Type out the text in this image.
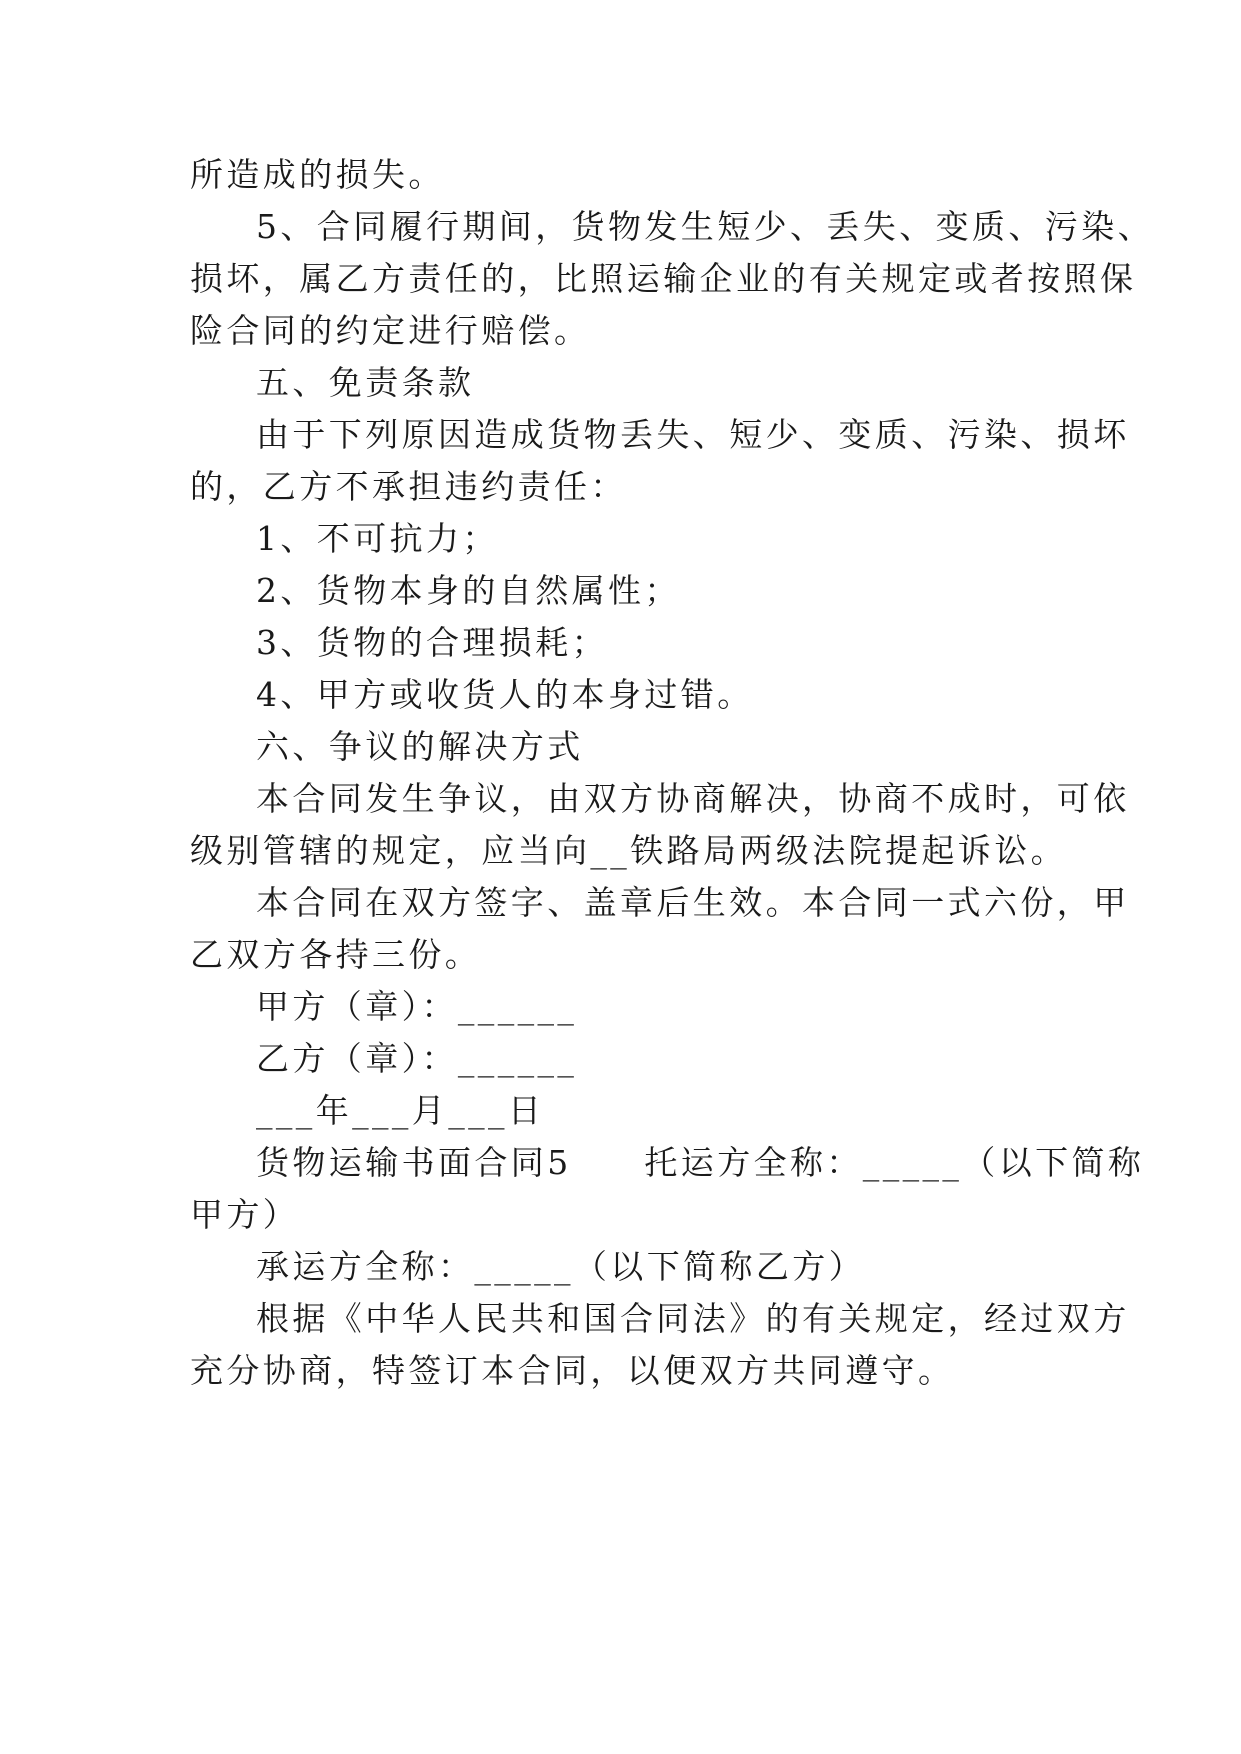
所造成的损失。
5、合同履行期间，货物发生短少、丢失、变质、污染、
损坏，属乙方责任的，比照运输企业的有关规定或者按照保
险合同的约定进行赔偿。
五、免责条款
由于下列原因造成货物丢失、短少、变质、污染、损坏
的，乙方不承担违约责任：
1、不可抗力；
2、货物本身的自然属性；
3、货物的合理损耗；
4、甲方或收货人的本身过错。
六、争议的解决方式
本合同发生争议，由双方协商解决，协商不成时，可依
级别管辖的规定，应当向__铁路局两级法院提起诉讼。
本合同在双方签字、盖章后生效。本合同一式六份，甲
乙双方各持三份。
甲方（章）：______
乙方（章）：______
___年___月___日
货物运输书面合同5　　托运方全称：_____（以下简称
甲方）
承运方全称：_____（以下简称乙方）
根据《中华人民共和国合同法》的有关规定，经过双方
充分协商，特签订本合同，以便双方共同遵守。
